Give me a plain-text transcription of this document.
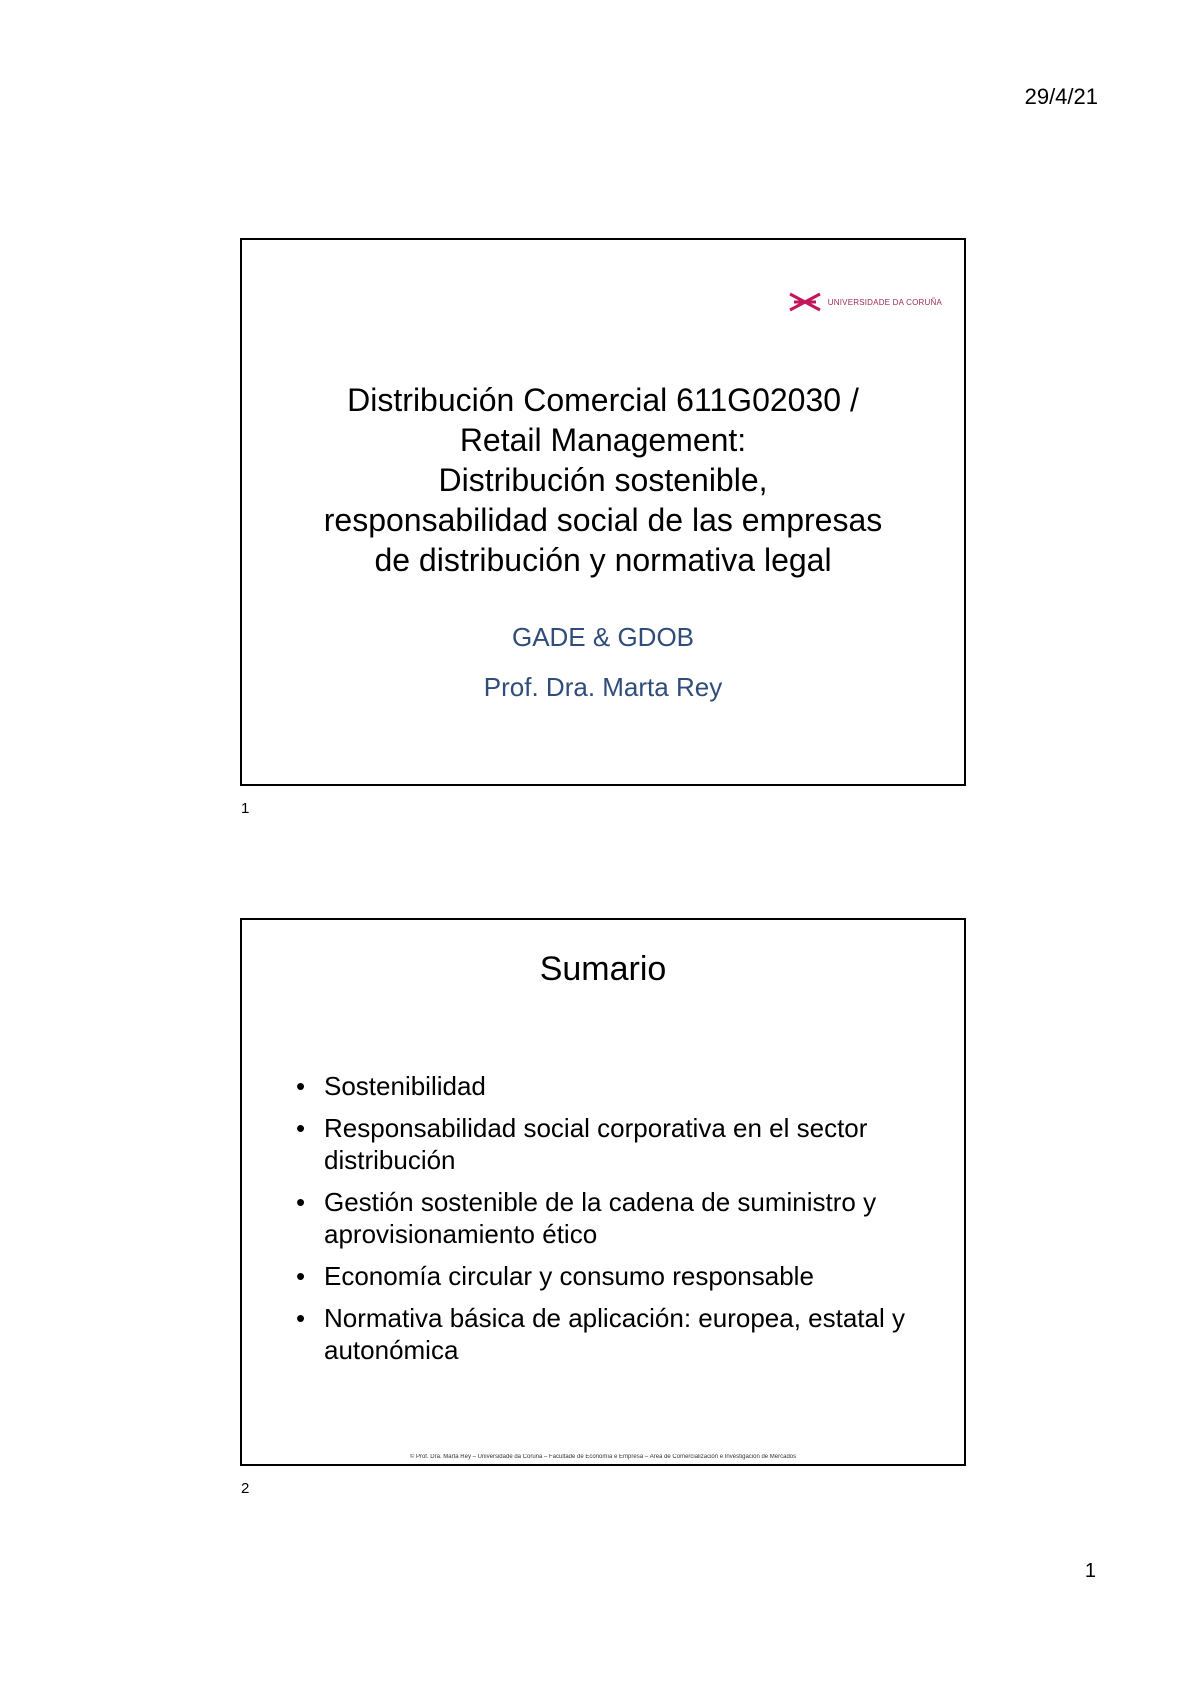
29/4/21
UNIVERSIDADE DA CORUÑA
Distribución Comercial 611G02030 /
Retail Management:
Distribución sostenible,
responsabilidad social de las empresas
de distribución y normativa legal
GADE & GDOB
Prof. Dra. Marta Rey
1
Sumario
• Sostenibilidad
• Responsabilidad social corporativa en el sector distribución
• Gestión sostenible de la cadena de suministro y aprovisionamiento ético
• Economía circular y consumo responsable
• Normativa básica de aplicación: europea, estatal y autonómica
© Prof. Dra. Marta Rey – Universidade da Coruña – Facultade de Economía e Empresa – Área de Comercialización e Investigación de Mercados
2
1
